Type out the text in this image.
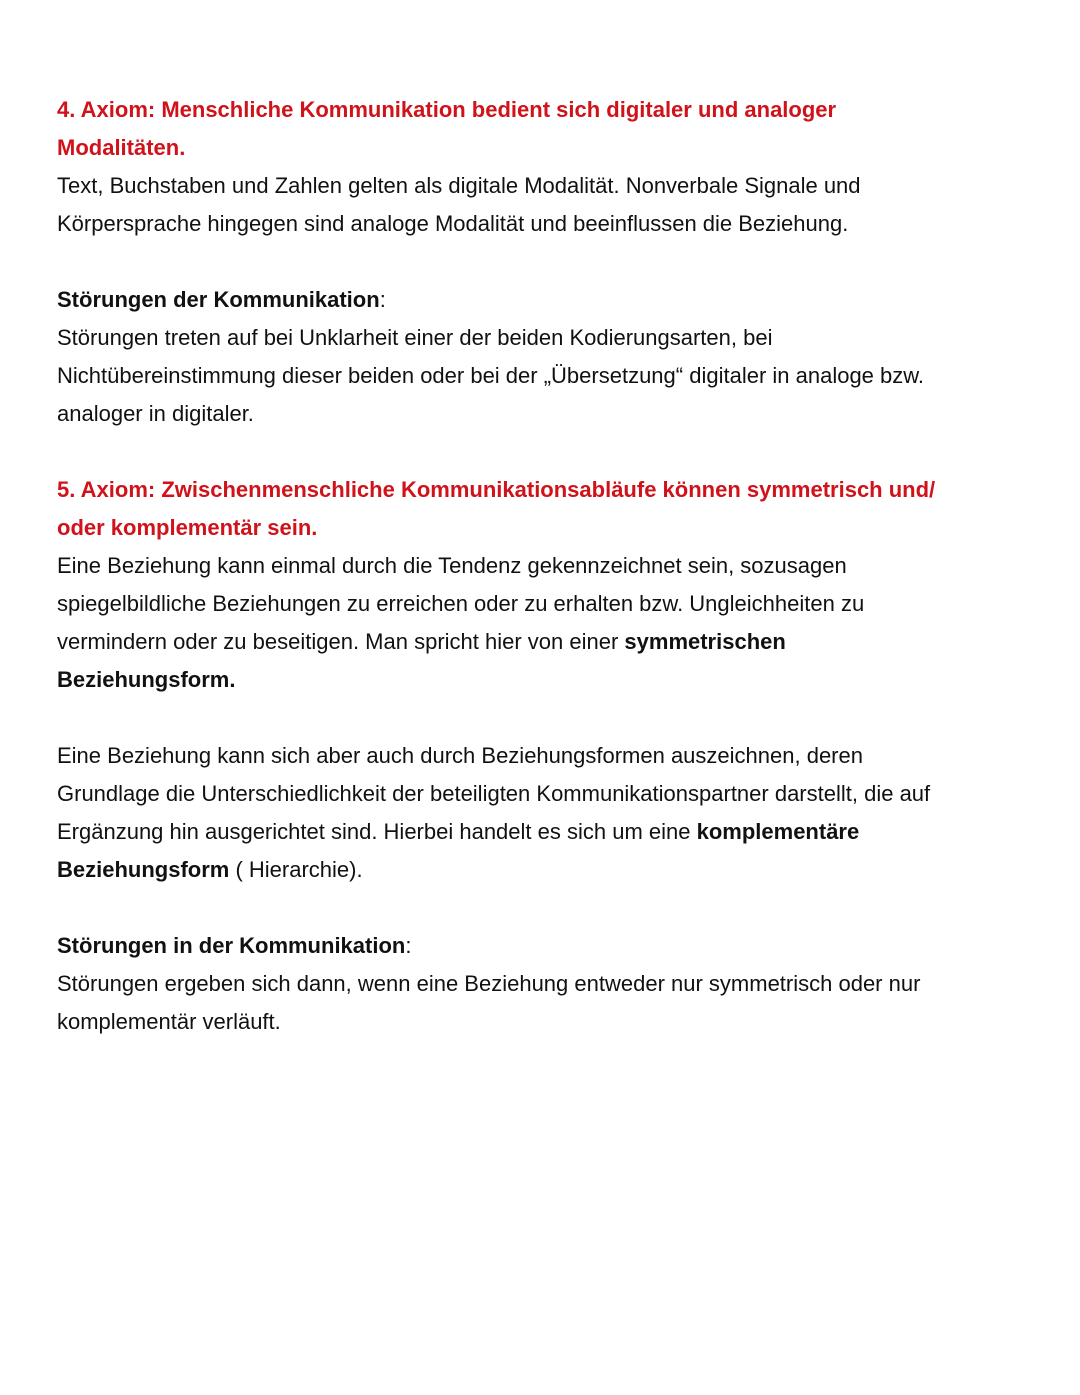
4. Axiom: Menschliche Kommunikation bedient sich digitaler und analoger
Modalitäten.
Text, Buchstaben und Zahlen gelten als digitale Modalität. Nonverbale Signale und
Körpersprache hingegen sind analoge Modalität und beeinflussen die Beziehung.
Störungen der Kommunikation:
Störungen treten auf bei Unklarheit einer der beiden Kodierungsarten, bei
Nichtübereinstimmung dieser beiden oder bei der „Übersetzung“ digitaler in analoge bzw.
analoger in digitaler.
5. Axiom: Zwischenmenschliche Kommunikationsabläufe können symmetrisch und/
oder komplementär sein.
Eine Beziehung kann einmal durch die Tendenz gekennzeichnet sein, sozusagen
spiegelbildliche Beziehungen zu erreichen oder zu erhalten bzw. Ungleichheiten zu
vermindern oder zu beseitigen. Man spricht hier von einer symmetrischen
Beziehungsform.
Eine Beziehung kann sich aber auch durch Beziehungsformen auszeichnen, deren
Grundlage die Unterschiedlichkeit der beteiligten Kommunikationspartner darstellt, die auf
Ergänzung hin ausgerichtet sind. Hierbei handelt es sich um eine komplementäre
Beziehungsform ( Hierarchie).
Störungen in der Kommunikation:
Störungen ergeben sich dann, wenn eine Beziehung entweder nur symmetrisch oder nur
komplementär verläuft.
